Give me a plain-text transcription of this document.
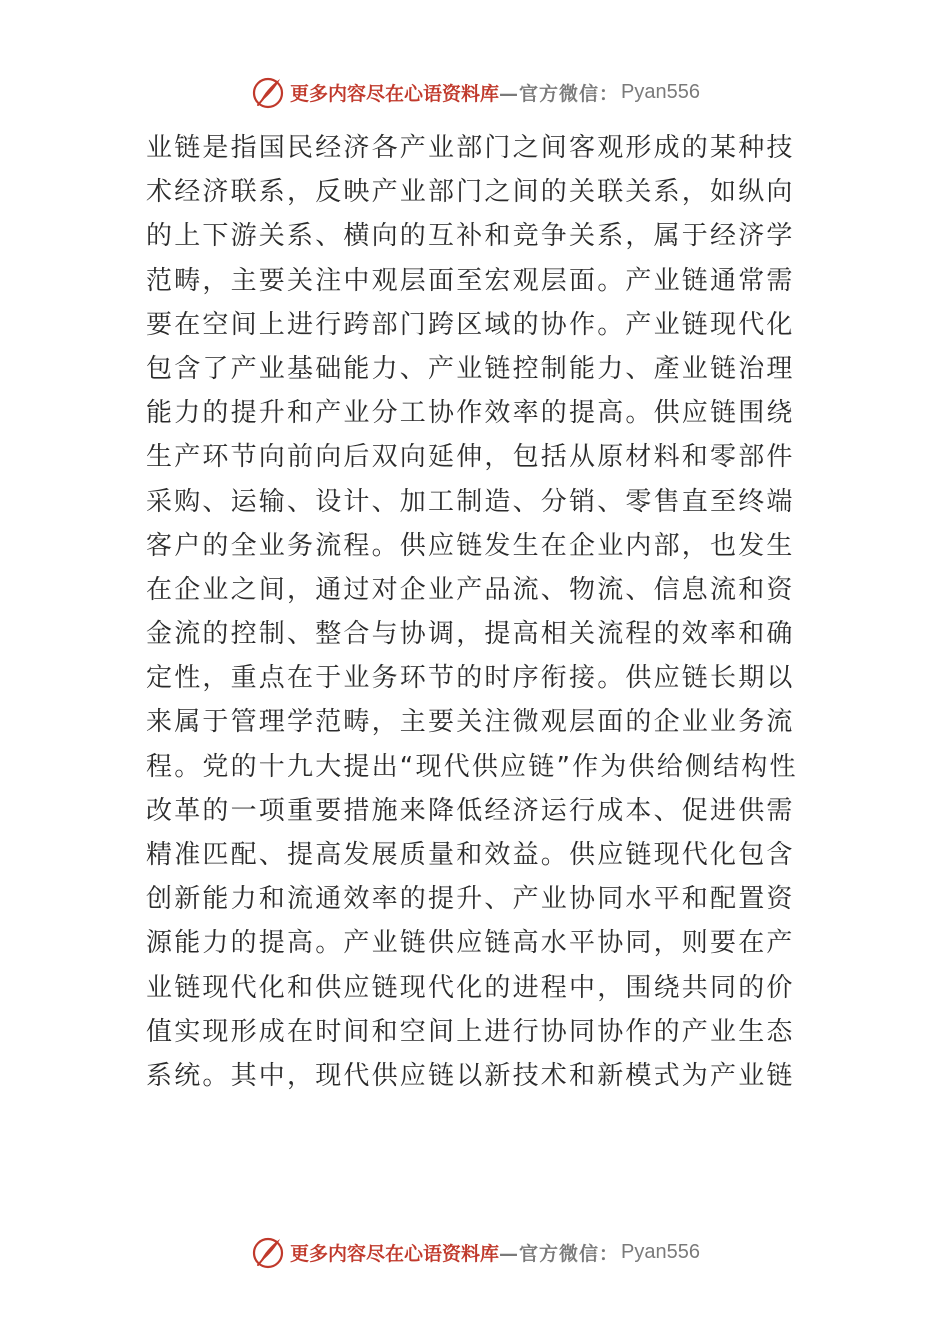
更多内容尽在心语资料库 —官方微信： Pyan556
业链是指国民经济各产业部门之间客观形成的某种技
术经济联系，反映产业部门之间的关联关系，如纵向
的上下游关系、横向的互补和竞争关系，属于经济学
范畴，主要关注中观层面至宏观层面。产业链通常需
要在空间上进行跨部门跨区域的协作。产业链现代化
包含了产业基础能力、产业链控制能力、產业链治理
能力的提升和产业分工协作效率的提高。供应链围绕
生产环节向前向后双向延伸，包括从原材料和零部件
采购、运输、设计、加工制造、分销、零售直至终端
客户的全业务流程。供应链发生在企业内部，也发生
在企业之间，通过对企业产品流、物流、信息流和资
金流的控制、整合与协调，提高相关流程的效率和确
定性，重点在于业务环节的时序衔接。供应链长期以
来属于管理学范畴，主要关注微观层面的企业业务流
程。党的十九大提出“现代供应链”作为供给侧结构性
改革的一项重要措施来降低经济运行成本、促进供需
精准匹配、提高发展质量和效益。供应链现代化包含
创新能力和流通效率的提升、产业协同水平和配置资
源能力的提高。产业链供应链高水平协同，则要在产
业链现代化和供应链现代化的进程中，围绕共同的价
值实现形成在时间和空间上进行协同协作的产业生态
系统。其中，现代供应链以新技术和新模式为产业链
更多内容尽在心语资料库 —官方微信： Pyan556
